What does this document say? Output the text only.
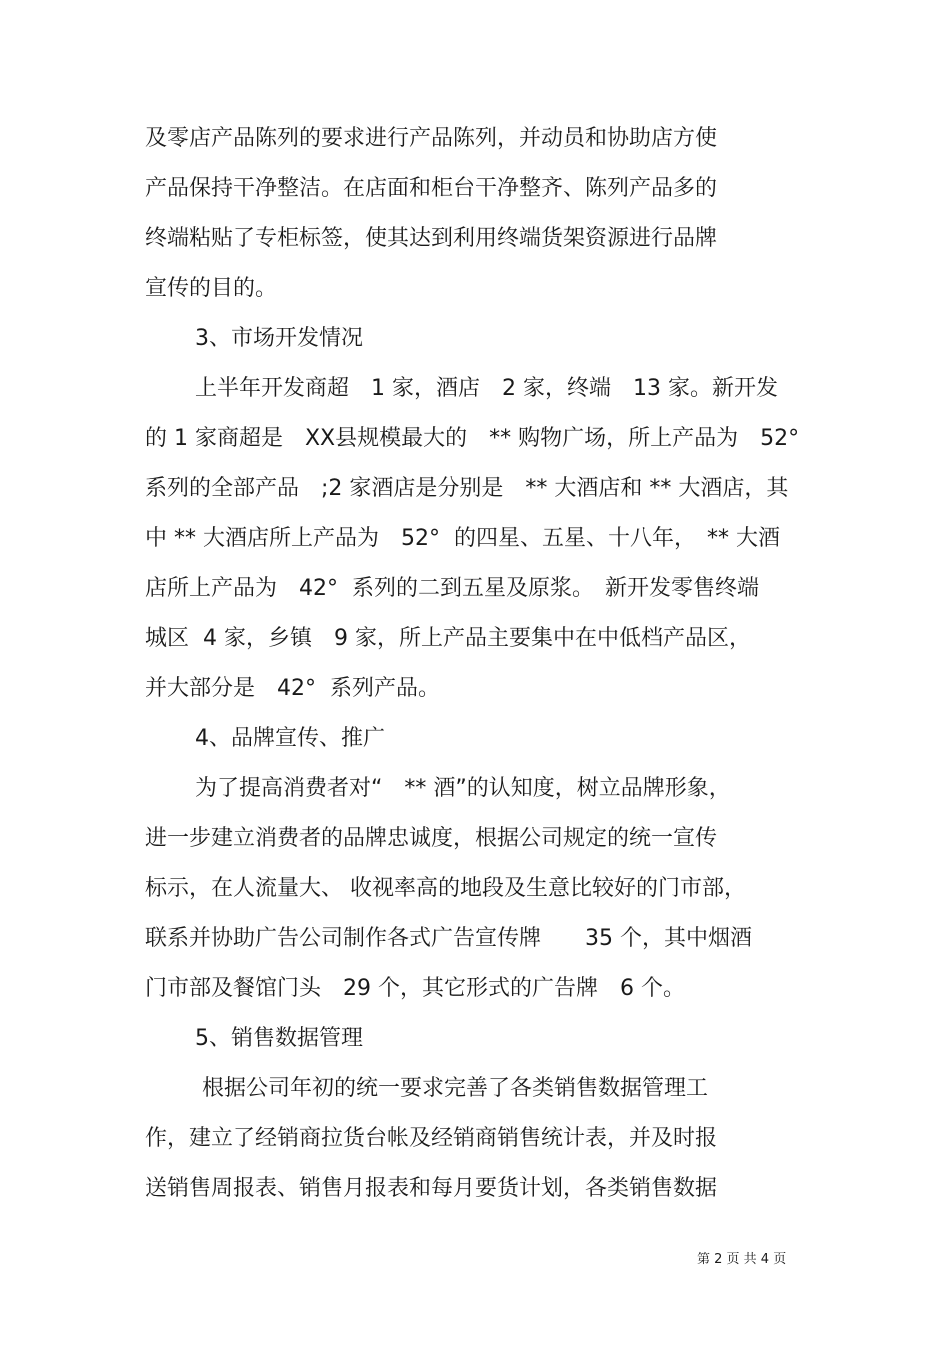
及零店产品陈列的要求进行产品陈列，并动员和协助店方使
产品保持干净整洁。在店面和柜台干净整齐、陈列产品多的
终端粘贴了专柜标签，使其达到利用终端货架资源进行品牌
宣传的目的。
3、市场开发情况
上半年开发商超　1 家，酒店　2 家，终端　13 家。新开发
的 1 家商超是　XX县规模最大的　** 购物广场，所上产品为　52°
系列的全部产品　;2 家酒店是分别是　** 大酒店和 ** 大酒店，其
中 ** 大酒店所上产品为　52°  的四星、五星、十八年，　** 大酒
店所上产品为　42°  系列的二到五星及原浆。　新开发零售终端
城区  4 家，乡镇　9 家，所上产品主要集中在中低档产品区，
并大部分是　42°  系列产品。
4、品牌宣传、推广
为了提高消费者对“　** 酒”的认知度，树立品牌形象，
进一步建立消费者的品牌忠诚度，根据公司规定的统一宣传
标示，在人流量大、 收视率高的地段及生意比较好的门市部，
联系并协助广告公司制作各式广告宣传牌　　35 个，其中烟酒
门市部及餐馆门头　29 个，其它形式的广告牌　6 个。
5、销售数据管理
根据公司年初的统一要求完善了各类销售数据管理工
作，建立了经销商拉货台帐及经销商销售统计表，并及时报
送销售周报表、销售月报表和每月要货计划，各类销售数据
第 2 页 共 4 页
